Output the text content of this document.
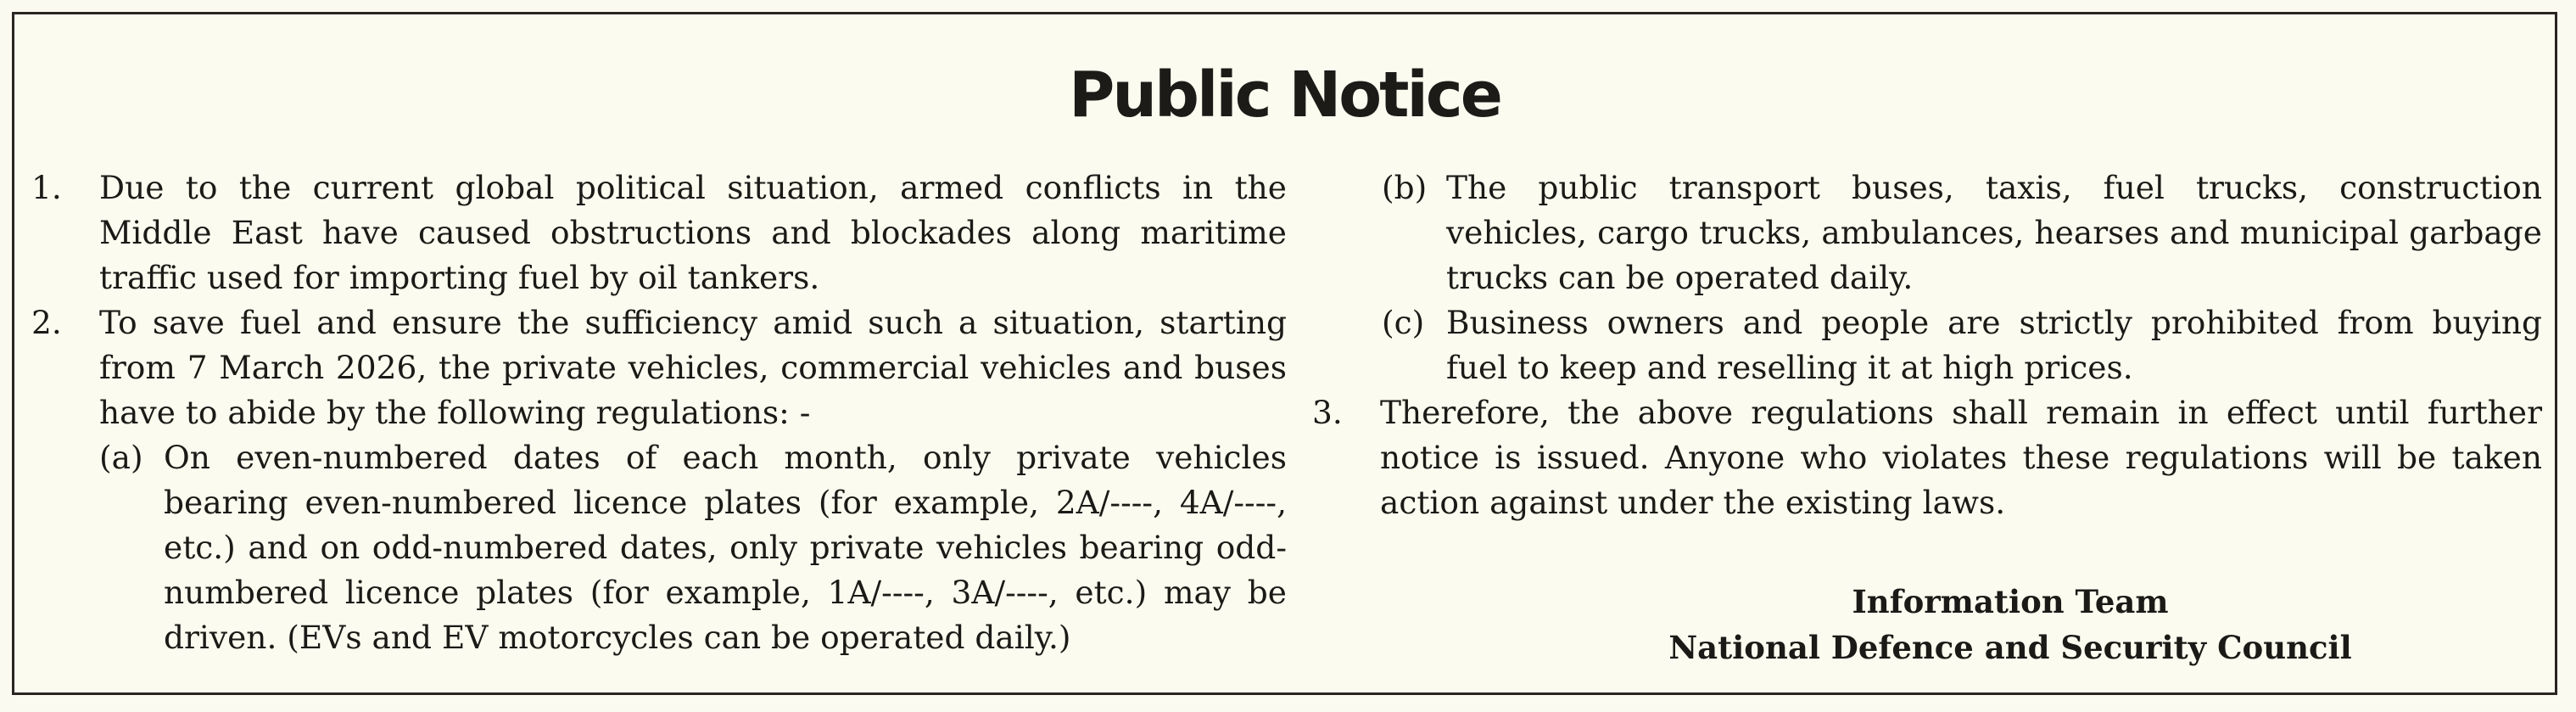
Public Notice
1.	Due to the current global political situation, armed conflicts in the Middle East have caused obstructions and blockades along maritime traffic used for importing fuel by oil tankers.
2.	To save fuel and ensure the sufficiency amid such a situation, starting from 7 March 2026, the private vehicles, commercial vehicles and buses have to abide by the following regulations: -
(a) On even-numbered dates of each month, only private vehicles bearing even-numbered licence plates (for example, 2A/----, 4A/----, etc.) and on odd-numbered dates, only private vehicles bearing odd-numbered licence plates (for example, 1A/----, 3A/----, etc.) may be driven. (EVs and EV motorcycles can be operated daily.)
(b) The public transport buses, taxis, fuel trucks, construction vehicles, cargo trucks, ambulances, hearses and municipal garbage trucks can be operated daily.
(c) Business owners and people are strictly prohibited from buying fuel to keep and reselling it at high prices.
3.	Therefore, the above regulations shall remain in effect until further notice is issued. Anyone who violates these regulations will be taken action against under the existing laws.
Information Team
National Defence and Security Council
